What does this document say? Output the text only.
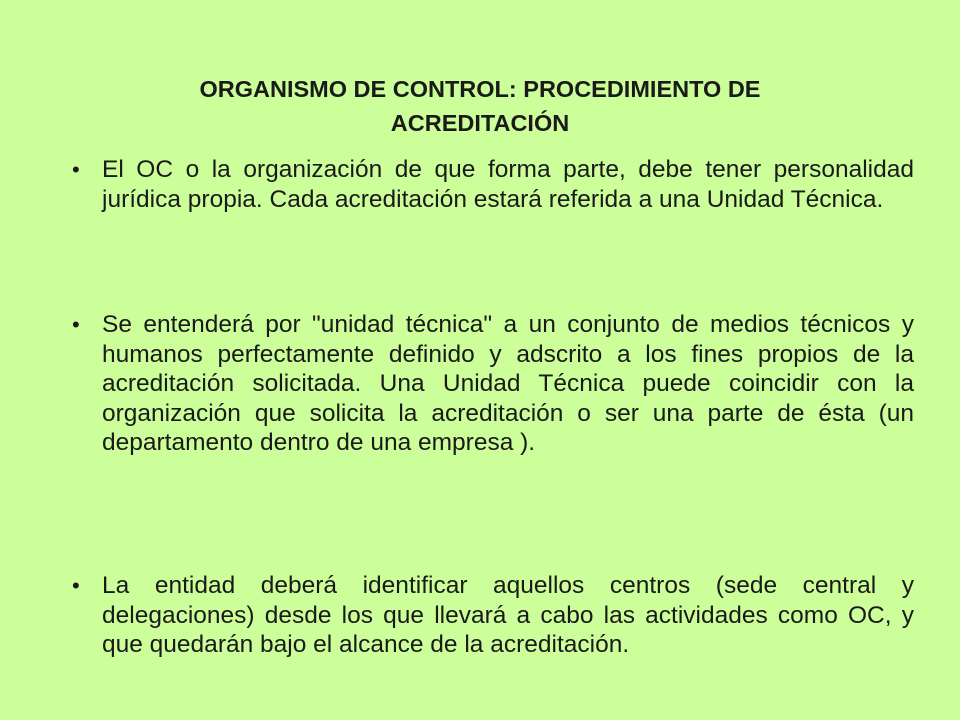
ORGANISMO DE CONTROL: PROCEDIMIENTO DE
ACREDITACIÓN
• El OC o la organización de que forma parte, debe tener personalidad jurídica propia. Cada acreditación estará referida a una Unidad Técnica.
• Se entenderá por "unidad técnica" a un conjunto de medios técnicos y humanos perfectamente definido y adscrito a los fines propios de la acreditación solicitada. Una Unidad Técnica puede coincidir con la organización que solicita la acreditación o ser una parte de ésta (un departamento dentro de una empresa ).
• La entidad deberá identificar aquellos centros (sede central y delegaciones) desde los que llevará a cabo las actividades como OC, y que quedarán bajo el alcance de la acreditación.
